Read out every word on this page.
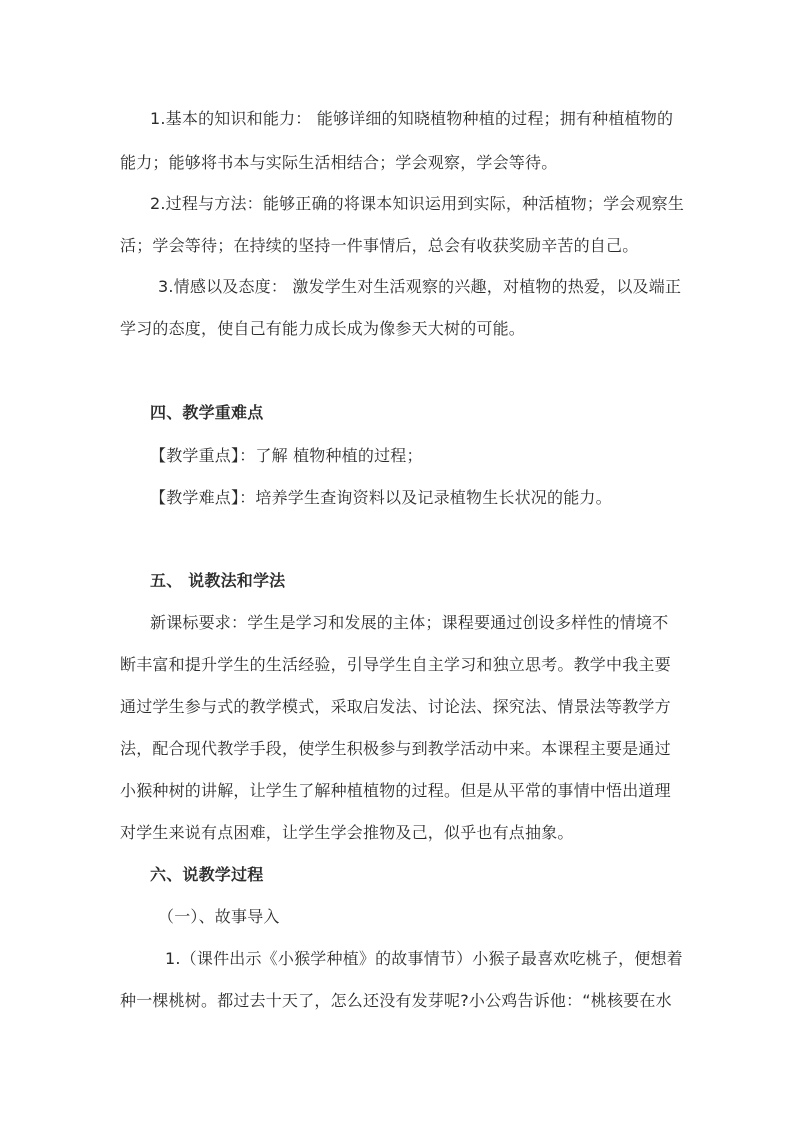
1.基本的知识和能力： 能够详细的知晓植物种植的过程；拥有种植植物的
能力；能够将书本与实际生活相结合；学会观察，学会等待。
2.过程与方法：能够正确的将课本知识运用到实际，种活植物；学会观察生
活；学会等待；在持续的坚持一件事情后，总会有收获奖励辛苦的自己。
3.情感以及态度： 激发学生对生活观察的兴趣，对植物的热爱，以及端正
学习的态度，使自己有能力成长成为像参天大树的可能。
四、教学重难点
【教学重点】：了解 植物种植的过程；
【教学难点】：培养学生查询资料以及记录植物生长状况的能力。
五、 说教法和学法
新课标要求：学生是学习和发展的主体；课程要通过创设多样性的情境不
断丰富和提升学生的生活经验，引导学生自主学习和独立思考。教学中我主要
通过学生参与式的教学模式，采取启发法、讨论法、探究法、情景法等教学方
法，配合现代教学手段，使学生积极参与到教学活动中来。本课程主要是通过
小猴种树的讲解，让学生了解种植植物的过程。但是从平常的事情中悟出道理
对学生来说有点困难，让学生学会推物及己，似乎也有点抽象。
六、说教学过程
（一）、故事导入
1.（课件出示《小猴学种植》的故事情节）小猴子最喜欢吃桃子，便想着
种一棵桃树。都过去十天了，怎么还没有发芽呢?小公鸡告诉他：“桃核要在水
